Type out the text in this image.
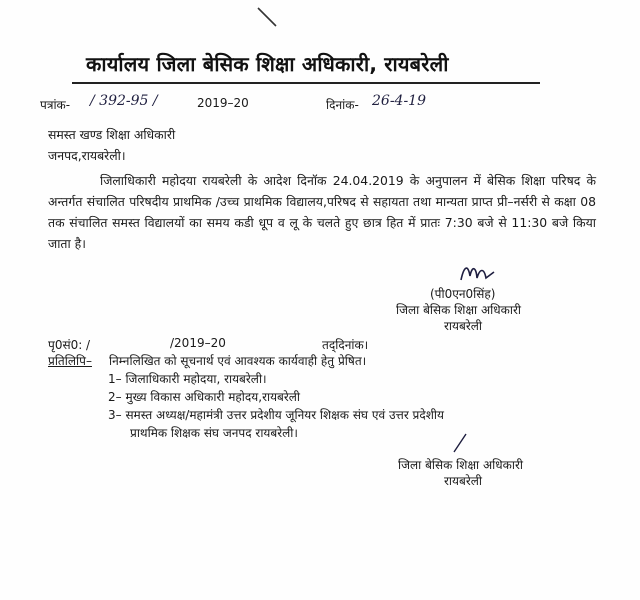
कार्यालय जिला बेसिक शिक्षा अधिकारी, रायबरेली
पत्रांक- / 392-95 /	2019–20	दिनांक- 26-4-19
समस्त खण्ड शिक्षा अधिकारी
जनपद,रायबरेली।
जिलाधिकारी महोदया रायबरेली के आदेश दिनॉक 24.04.2019 के अनुपालन में बेसिक शिक्षा परिषद के अन्तर्गत संचालित परिषदीय प्राथमिक /उच्च प्राथमिक विद्यालय,परिषद से सहायता तथा मान्यता प्राप्त प्री–नर्सरी से कक्षा 08 तक संचालित समस्त विद्यालयों का समय कडी धूप व लू के चलते हुए छात्र हित में प्रातः 7:30 बजे से 11:30 बजे किया जाता है।
(पी0एन0सिंह)
जिला बेसिक शिक्षा अधिकारी
रायबरेली
पृ0सं0: /	/2019–20	तद्‌दिनांक।
प्रतिलिपि– निम्नलिखित को सूचनार्थ एवं आवश्यक कार्यवाही हेतु प्रेषित।
1– जिलाधिकारी महोदया, रायबरेली।
2– मुख्य विकास अधिकारी महोदय,रायबरेली
3– समस्त अध्यक्ष/महामंत्री उत्तर प्रदेशीय जूनियर शिक्षक संघ एवं उत्तर प्रदेशीय
प्राथमिक शिक्षक संघ जनपद रायबरेली।
जिला बेसिक शिक्षा अधिकारी
रायबरेली
